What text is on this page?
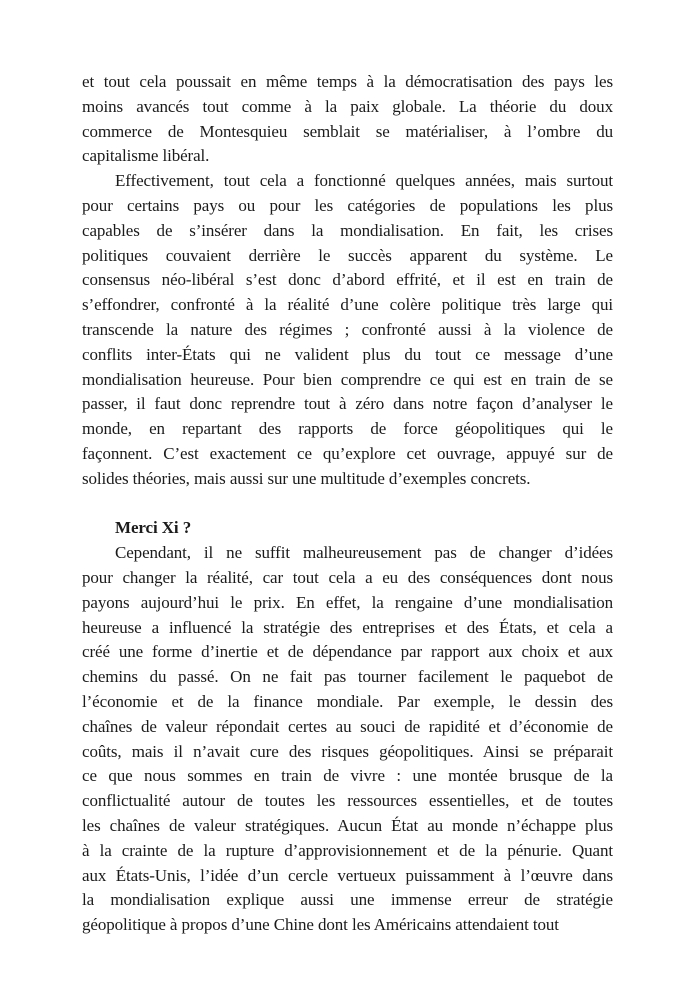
et tout cela poussait en même temps à la démocratisation des pays les
moins avancés tout comme à la paix globale. La théorie du doux
commerce de Montesquieu semblait se matérialiser, à l’ombre du
capitalisme libéral.
Effectivement, tout cela a fonctionné quelques années, mais surtout
pour certains pays ou pour les catégories de populations les plus
capables de s’insérer dans la mondialisation. En fait, les crises
politiques couvaient derrière le succès apparent du système. Le
consensus néo-libéral s’est donc d’abord effrité, et il est en train de
s’effondrer, confronté à la réalité d’une colère politique très large qui
transcende la nature des régimes ; confronté aussi à la violence de
conflits inter-États qui ne valident plus du tout ce message d’une
mondialisation heureuse. Pour bien comprendre ce qui est en train de se
passer, il faut donc reprendre tout à zéro dans notre façon d’analyser le
monde, en repartant des rapports de force géopolitiques qui le
façonnent. C’est exactement ce qu’explore cet ouvrage, appuyé sur de
solides théories, mais aussi sur une multitude d’exemples concrets.
Merci Xi ?
Cependant, il ne suffit malheureusement pas de changer d’idées
pour changer la réalité, car tout cela a eu des conséquences dont nous
payons aujourd’hui le prix. En effet, la rengaine d’une mondialisation
heureuse a influencé la stratégie des entreprises et des États, et cela a
créé une forme d’inertie et de dépendance par rapport aux choix et aux
chemins du passé. On ne fait pas tourner facilement le paquebot de
l’économie et de la finance mondiale. Par exemple, le dessin des
chaînes de valeur répondait certes au souci de rapidité et d’économie de
coûts, mais il n’avait cure des risques géopolitiques. Ainsi se préparait
ce que nous sommes en train de vivre : une montée brusque de la
conflictualité autour de toutes les ressources essentielles, et de toutes
les chaînes de valeur stratégiques. Aucun État au monde n’échappe plus
à la crainte de la rupture d’approvisionnement et de la pénurie. Quant
aux États-Unis, l’idée d’un cercle vertueux puissamment à l’œuvre dans
la mondialisation explique aussi une immense erreur de stratégie
géopolitique à propos d’une Chine dont les Américains attendaient tout
